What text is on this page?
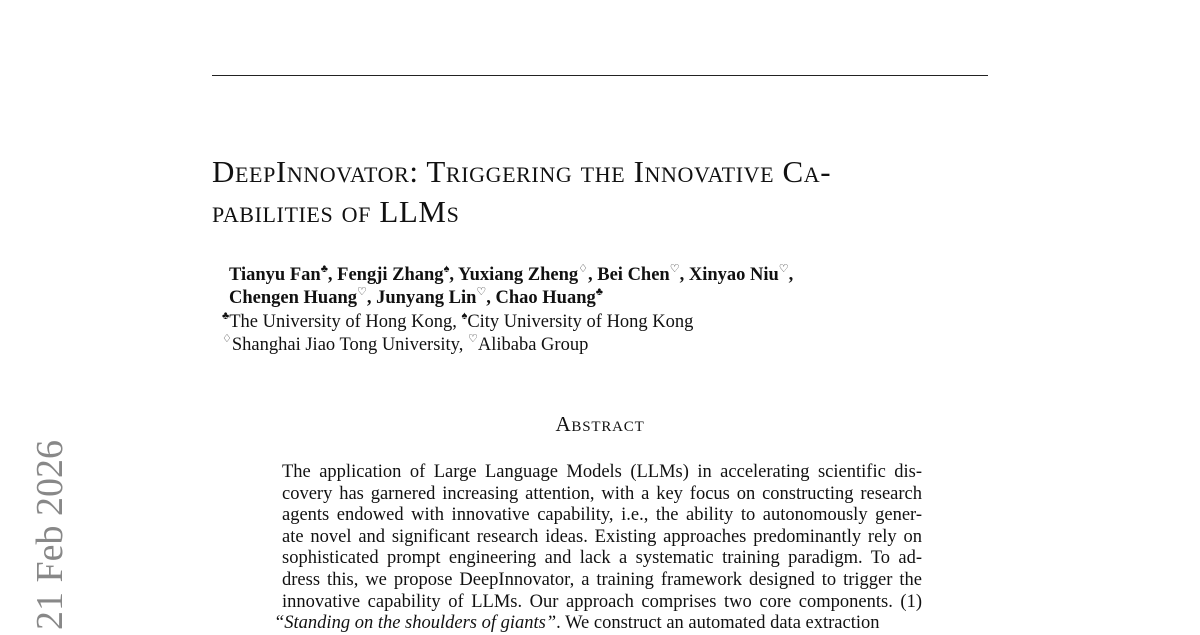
DeepInnovator: Triggering the Innovative Ca-
pabilities of LLMs
Tianyu Fan♣, Fengji Zhang♠, Yuxiang Zheng♢, Bei Chen♡, Xinyao Niu♡,
Chengen Huang♡, Junyang Lin♡, Chao Huang♣
♣The University of Hong Kong, ♠City University of Hong Kong
♢Shanghai Jiao Tong University, ♡Alibaba Group
Abstract
The application of Large Language Models (LLMs) in accelerating scientific dis-
covery has garnered increasing attention, with a key focus on constructing research
agents endowed with innovative capability, i.e., the ability to autonomously gener-
ate novel and significant research ideas. Existing approaches predominantly rely on
sophisticated prompt engineering and lack a systematic training paradigm. To ad-
dress this, we propose DeepInnovator, a training framework designed to trigger the
innovative capability of LLMs. Our approach comprises two core components. (1)
“Standing on the shoulders of giants”. We construct an automated data extraction
21 Feb 2026
